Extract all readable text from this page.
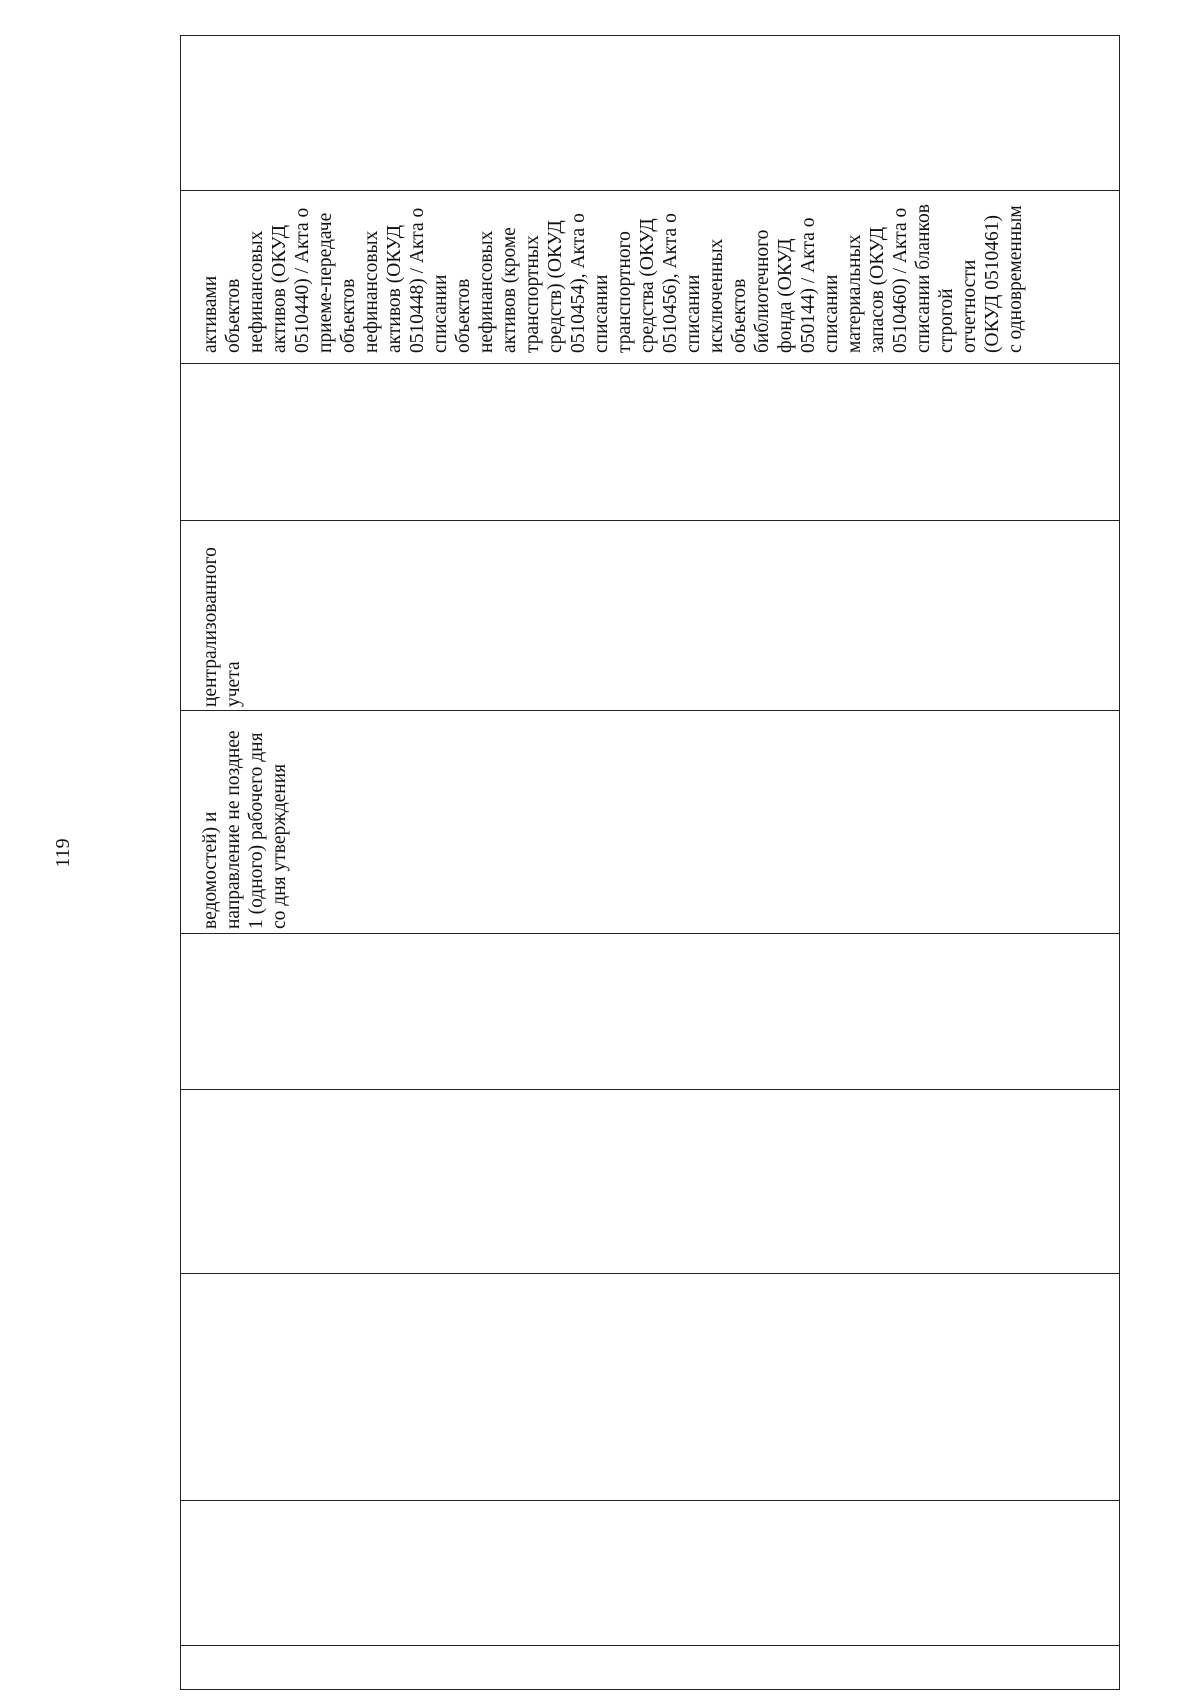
119
активами объектов нефинансовых активов (ОКУД 0510440) / Акта о приеме-передаче объектов нефинансовых активов (ОКУД 0510448) / Акта о списании объектов нефинансовых активов (кроме транспортных средств) (ОКУД 0510454), Акта о списании транспортного средства (ОКУД 0510456), Акта о списании исключенных объектов библиотечного фонда (ОКУД 050144) / Акта о списании материальных запасов (ОКУД 0510460) / Акта о списании бланков строгой отчетности (ОКУД 0510461) с одновременным
централизованного учета
ведомостей) и направление не позднее 1 (одного) рабочего дня со дня утверждения
